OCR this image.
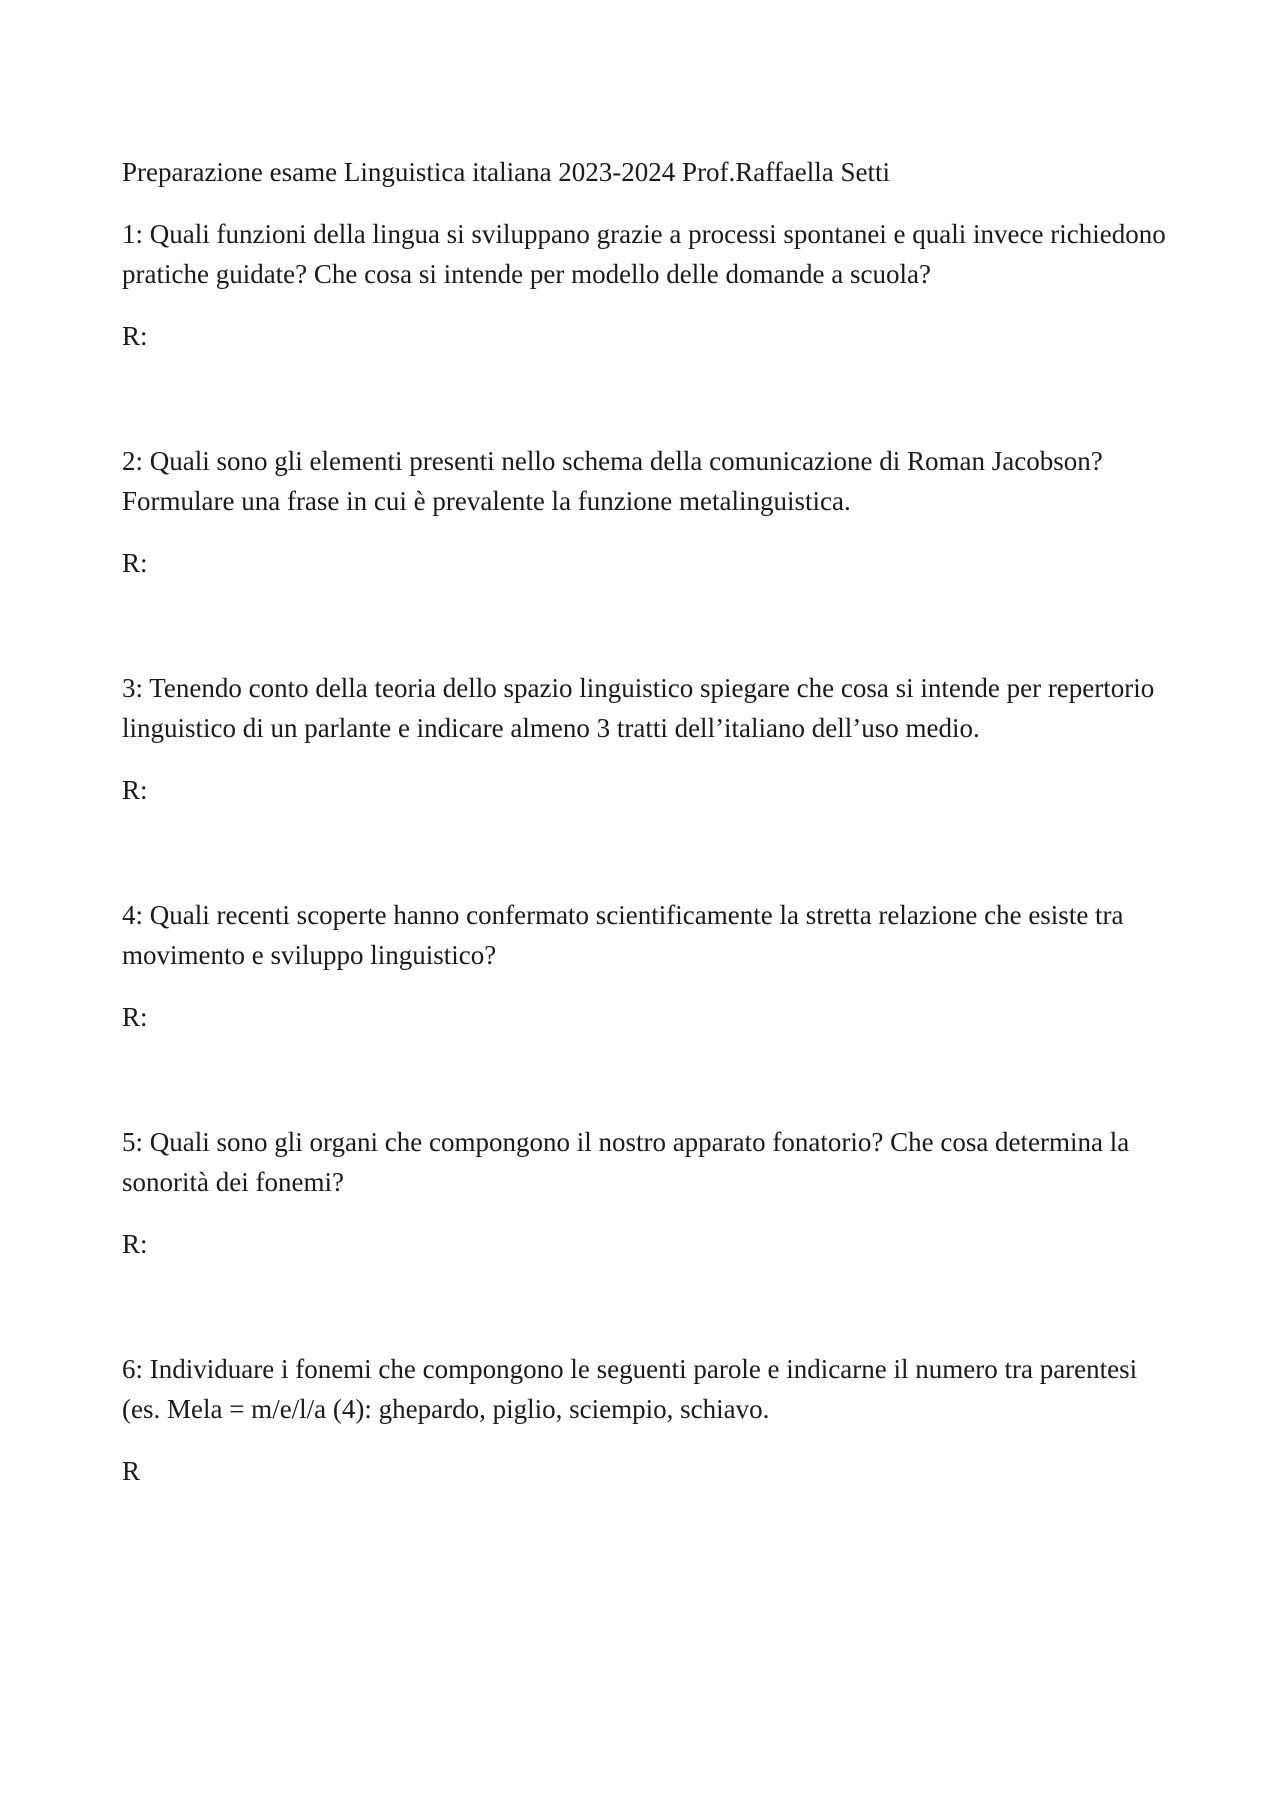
Preparazione esame Linguistica italiana 2023-2024 Prof.Raffaella Setti

1: Quali funzioni della lingua si sviluppano grazie a processi spontanei e quali invece richiedono pratiche guidate? Che cosa si intende per modello delle domande a scuola?

R:

2: Quali sono gli elementi presenti nello schema della comunicazione di Roman Jacobson? Formulare una frase in cui è prevalente la funzione metalinguistica.

R:

3: Tenendo conto della teoria dello spazio linguistico spiegare che cosa si intende per repertorio linguistico di un parlante e indicare almeno 3 tratti dell’italiano dell’uso medio.

R:

4: Quali recenti scoperte hanno confermato scientificamente la stretta relazione che esiste tra movimento e sviluppo linguistico?

R:

5: Quali sono gli organi che compongono il nostro apparato fonatorio? Che cosa determina la sonorità dei fonemi?

R:

6: Individuare i fonemi che compongono le seguenti parole e indicarne il numero tra parentesi (es. Mela = m/e/l/a (4): ghepardo, piglio, sciempio, schiavo.

R
